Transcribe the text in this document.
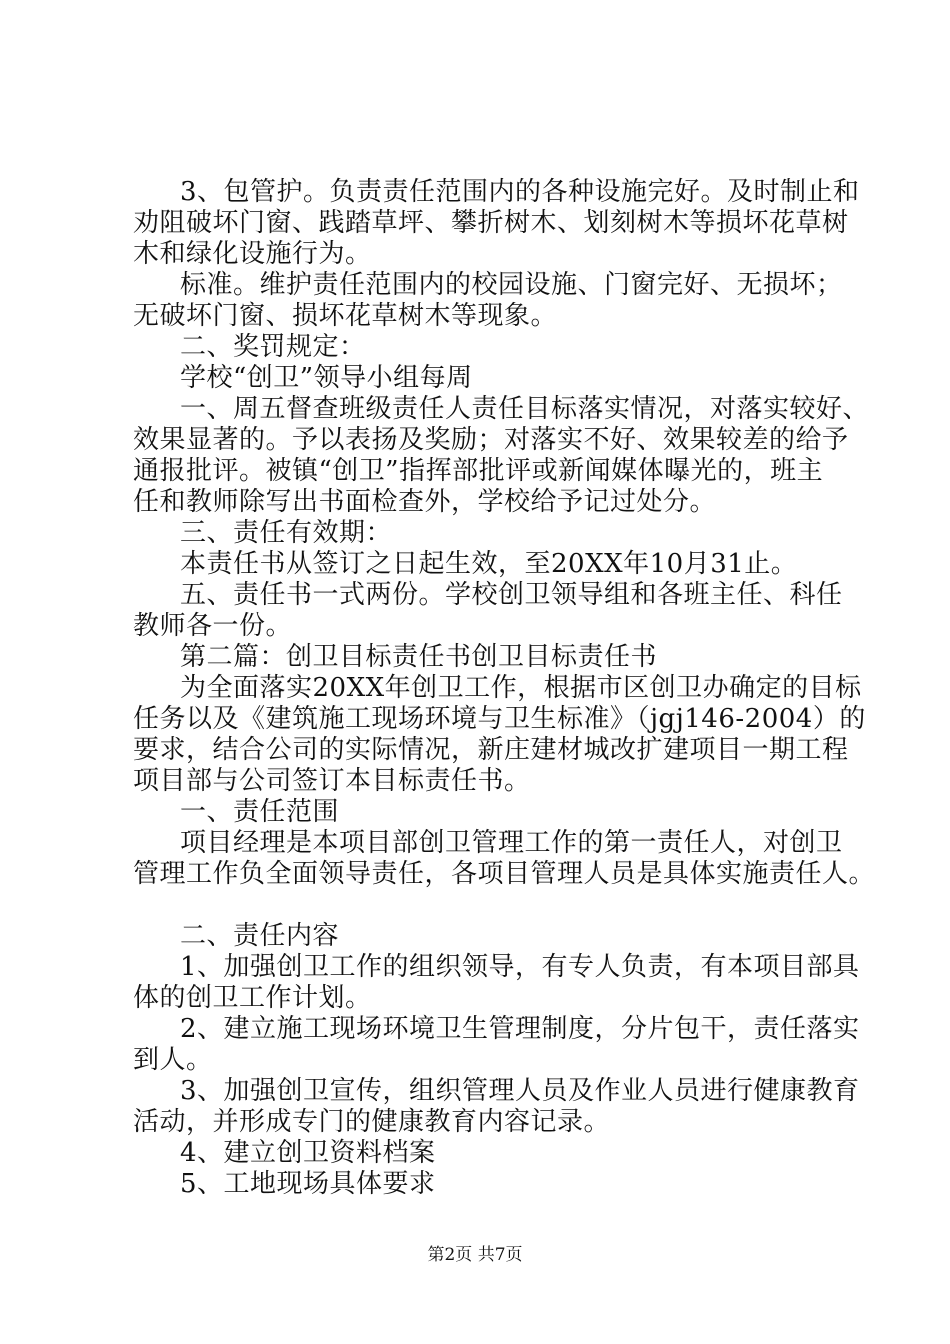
3、包管护。负责责任范围内的各种设施完好。及时制止和
劝阻破坏门窗、践踏草坪、攀折树木、划刻树木等损坏花草树
木和绿化设施行为。
标准。维护责任范围内的校园设施、门窗完好、无损坏；
无破坏门窗、损坏花草树木等现象。
二、奖罚规定：
学校“创卫”领导小组每周
一、周五督查班级责任人责任目标落实情况，对落实较好、
效果显著的。予以表扬及奖励；对落实不好、效果较差的给予
通报批评。被镇“创卫”指挥部批评或新闻媒体曝光的，班主
任和教师除写出书面检查外，学校给予记过处分。
三、责任有效期：
本责任书从签订之日起生效，至20XX年10月31止。
五、责任书一式两份。学校创卫领导组和各班主任、科任
教师各一份。
第二篇：创卫目标责任书创卫目标责任书
为全面落实20XX年创卫工作，根据市区创卫办确定的目标
任务以及《建筑施工现场环境与卫生标准》（jgj146-2004）的
要求，结合公司的实际情况，新庄建材城改扩建项目一期工程
项目部与公司签订本目标责任书。
一、责任范围
项目经理是本项目部创卫管理工作的第一责任人，对创卫
管理工作负全面领导责任，各项目管理人员是具体实施责任人。
二、责任内容
1、加强创卫工作的组织领导，有专人负责，有本项目部具
体的创卫工作计划。
2、建立施工现场环境卫生管理制度，分片包干，责任落实
到人。
3、加强创卫宣传，组织管理人员及作业人员进行健康教育
活动，并形成专门的健康教育内容记录。
4、建立创卫资料档案
5、工地现场具体要求
第2页 共7页
